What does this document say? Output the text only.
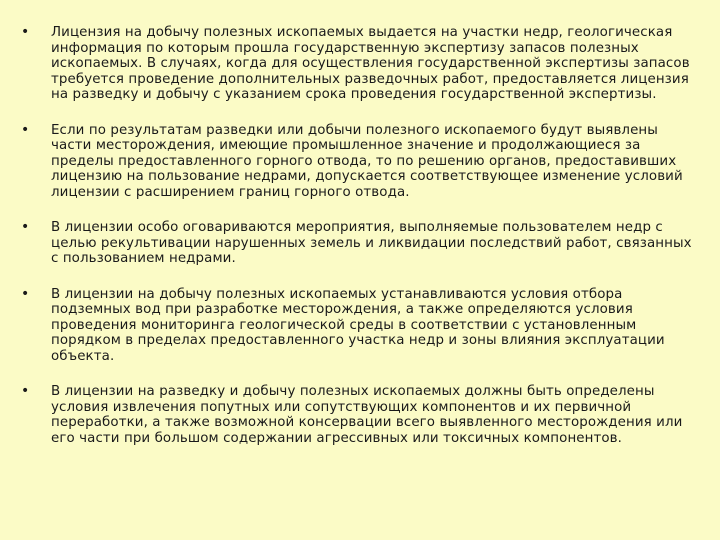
•	Лицензия на добычу полезных ископаемых выдается на участки недр, геологическая информация по которым прошла государственную экспертизу запасов полезных ископаемых. В случаях, когда для осуществления государственной экспертизы запасов требуется проведение дополнительных разведочных работ, предоставляется лицензия на разведку и добычу с указанием срока проведения государственной экспертизы.
•	Если по результатам разведки или добычи полезного ископаемого будут выявлены части месторождения, имеющие промышленное значение и продолжающиеся за пределы предоставленного горного отвода, то по решению органов, предоставивших лицензию на пользование недрами, допускается соответствующее изменение условий лицензии с расширением границ горного отвода.
•	В лицензии особо оговариваются мероприятия, выполняемые пользователем недр с целью рекультивации нарушенных земель и ликвидации последствий работ, связанных с пользованием недрами.
•	В лицензии на добычу полезных ископаемых устанавливаются условия отбора подземных вод при разработке месторождения, а также определяются условия проведения мониторинга геологической среды в соответствии с установленным порядком в пределах предоставленного участка недр и зоны влияния эксплуатации объекта.
•	В лицензии на разведку и добычу полезных ископаемых должны быть определены условия извлечения попутных или сопутствующих компонентов и их первичной переработки, а также возможной консервации всего выявленного месторождения или его части при большом содержании агрессивных или токсичных компонентов.
